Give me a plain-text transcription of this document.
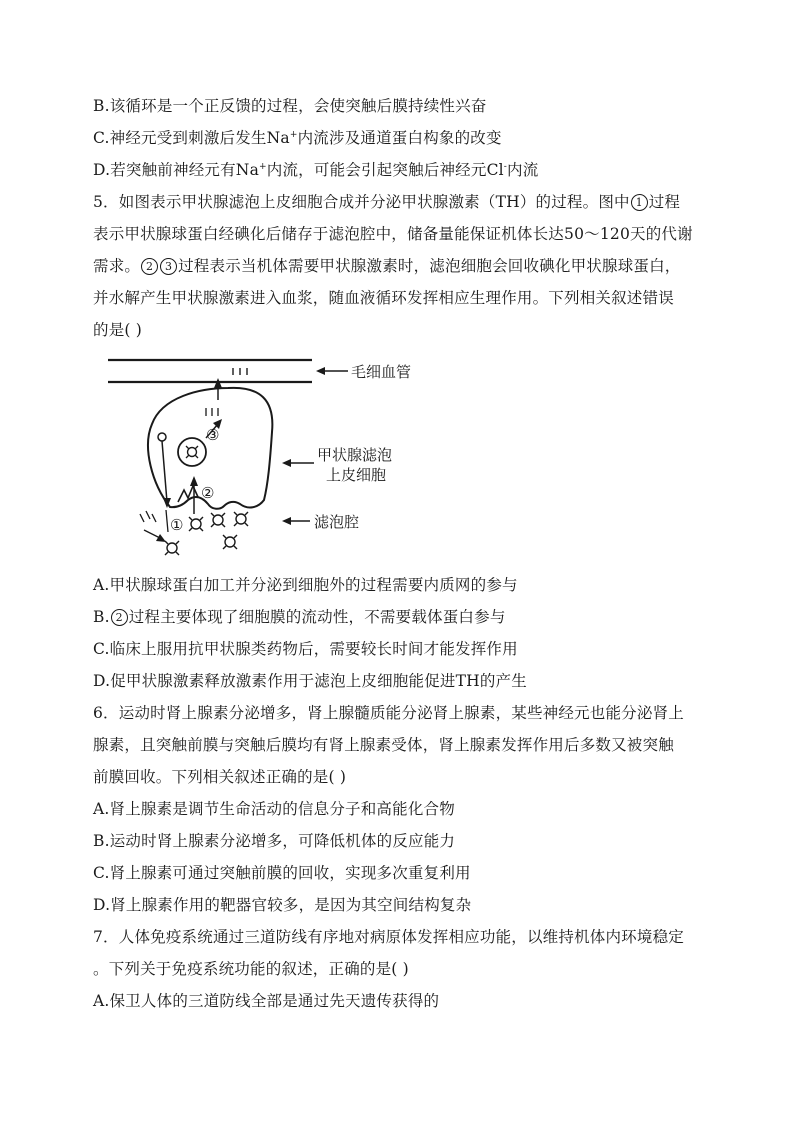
B.该循环是一个正反馈的过程，会使突触后膜持续性兴奋
C.神经元受到刺激后发生Na+内流涉及通道蛋白构象的改变
D.若突触前神经元有Na+内流，可能会引起突触后神经元Cl-内流
5．如图表示甲状腺滤泡上皮细胞合成并分泌甲状腺激素（TH）的过程。图中 1 过程
表示甲状腺球蛋白经碘化后储存于滤泡腔中，储备量能保证机体长达50～120天的代谢
需求。 2 3 过程表示当机体需要甲状腺激素时，滤泡细胞会回收碘化甲状腺球蛋白，
并水解产生甲状腺激素进入血浆，随血液循环发挥相应生理作用。下列相关叙述错误
的是( )
毛细血管
②
③
甲状腺滤泡
上皮细胞
滤泡腔
①
A.甲状腺球蛋白加工并分泌到细胞外的过程需要内质网的参与
B. 2 过程主要体现了细胞膜的流动性，不需要载体蛋白参与
C.临床上服用抗甲状腺类药物后，需要较长时间才能发挥作用
D.促甲状腺激素释放激素作用于滤泡上皮细胞能促进TH的产生
6．运动时肾上腺素分泌增多，肾上腺髓质能分泌肾上腺素，某些神经元也能分泌肾上
腺素，且突触前膜与突触后膜均有肾上腺素受体，肾上腺素发挥作用后多数又被突触
前膜回收。下列相关叙述正确的是( )
A.肾上腺素是调节生命活动的信息分子和高能化合物
B.运动时肾上腺素分泌增多，可降低机体的反应能力
C.肾上腺素可通过突触前膜的回收，实现多次重复利用
D.肾上腺素作用的靶器官较多，是因为其空间结构复杂
7．人体免疫系统通过三道防线有序地对病原体发挥相应功能，以维持机体内环境稳定
。下列关于免疫系统功能的叙述，正确的是( )
A.保卫人体的三道防线全部是通过先天遗传获得的
